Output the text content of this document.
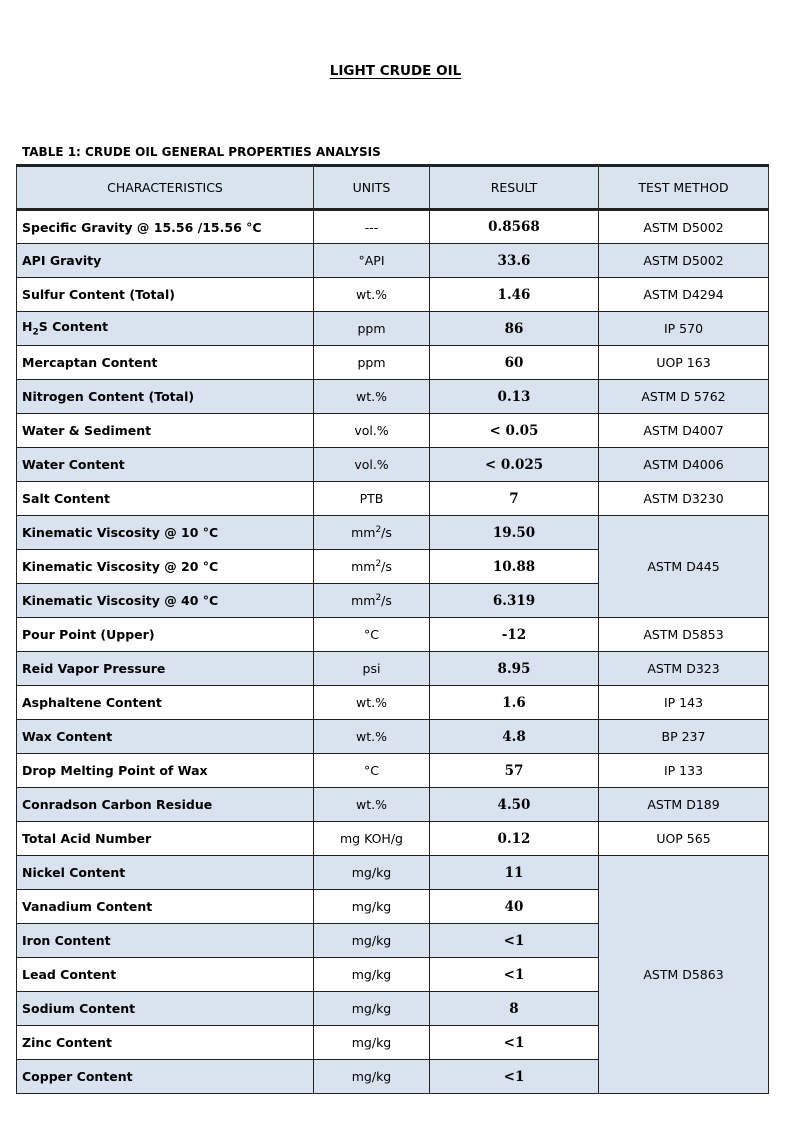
LIGHT CRUDE OIL
TABLE 1: CRUDE OIL GENERAL PROPERTIES ANALYSIS
CHARACTERISTICS	UNITS	RESULT	TEST METHOD
Specific Gravity @ 15.56 /15.56 °C	---	0.8568	ASTM D5002
API Gravity	°API	33.6	ASTM D5002
Sulfur Content (Total)	wt.%	1.46	ASTM D4294
$H_2S$ Content	ppm	86	IP 570
Mercaptan Content	ppm	60	UOP 163
Nitrogen Content (Total)	wt.%	0.13	ASTM D 5762
Water & Sediment	vol.%	< 0.05	ASTM D4007
Water Content	vol.%	< 0.025	ASTM D4006
Salt Content	PTB	7	ASTM D3230
Kinematic Viscosity @ 10 °C	$mm^2/s$	19.50	ASTM D445
Kinematic Viscosity @ 20 °C	$mm^2/s$	10.88	
Kinematic Viscosity @ 40 °C	$mm^2/s$	6.319	
Pour Point (Upper)	°C	-12	ASTM D5853
Reid Vapor Pressure	psi	8.95	ASTM D323
Asphaltene Content	wt.%	1.6	IP 143
Wax Content	wt.%	4.8	BP 237
Drop Melting Point of Wax	°C	57	IP 133
Conradson Carbon Residue	wt.%	4.50	ASTM D189
Total Acid Number	mg KOH/g	0.12	UOP 565
Nickel Content	mg/kg	11	ASTM D5863
Vanadium Content	mg/kg	40	
Iron Content	mg/kg	<1	
Lead Content	mg/kg	<1	
Sodium Content	mg/kg	8	
Zinc Content	mg/kg	<1	
Copper Content	mg/kg	<1	
